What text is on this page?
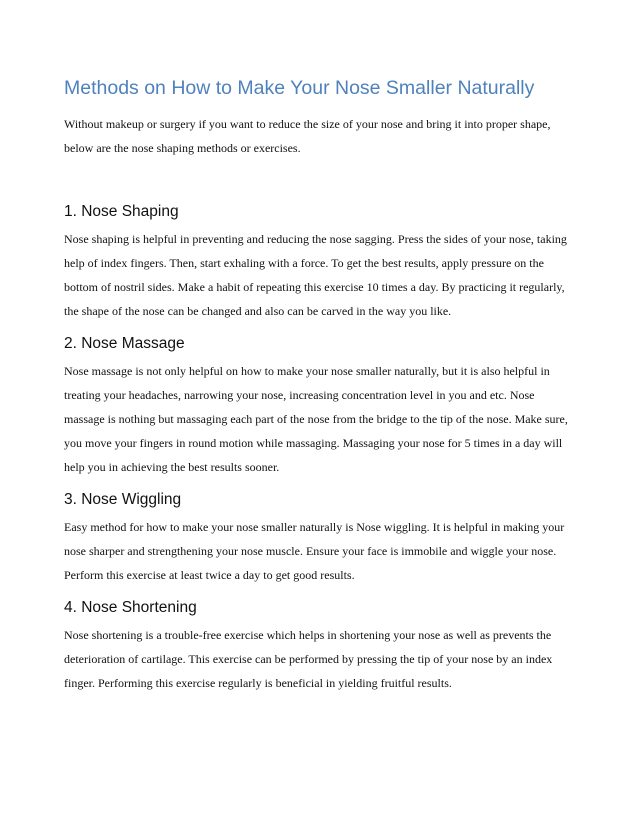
Methods on How to Make Your Nose Smaller Naturally

Without makeup or surgery if you want to reduce the size of your nose and bring it into proper shape, below are the nose shaping methods or exercises.

1. Nose Shaping

Nose shaping is helpful in preventing and reducing the nose sagging. Press the sides of your nose, taking help of index fingers. Then, start exhaling with a force. To get the best results, apply pressure on the bottom of nostril sides. Make a habit of repeating this exercise 10 times a day. By practicing it regularly, the shape of the nose can be changed and also can be carved in the way you like.

2. Nose Massage

Nose massage is not only helpful on how to make your nose smaller naturally, but it is also helpful in treating your headaches, narrowing your nose, increasing concentration level in you and etc. Nose massage is nothing but massaging each part of the nose from the bridge to the tip of the nose. Make sure, you move your fingers in round motion while massaging. Massaging your nose for 5 times in a day will help you in achieving the best results sooner.

3. Nose Wiggling

Easy method for how to make your nose smaller naturally is Nose wiggling. It is helpful in making your nose sharper and strengthening your nose muscle. Ensure your face is immobile and wiggle your nose. Perform this exercise at least twice a day to get good results.

4. Nose Shortening

Nose shortening is a trouble-free exercise which helps in shortening your nose as well as prevents the deterioration of cartilage. This exercise can be performed by pressing the tip of your nose by an index finger. Performing this exercise regularly is beneficial in yielding fruitful results.
